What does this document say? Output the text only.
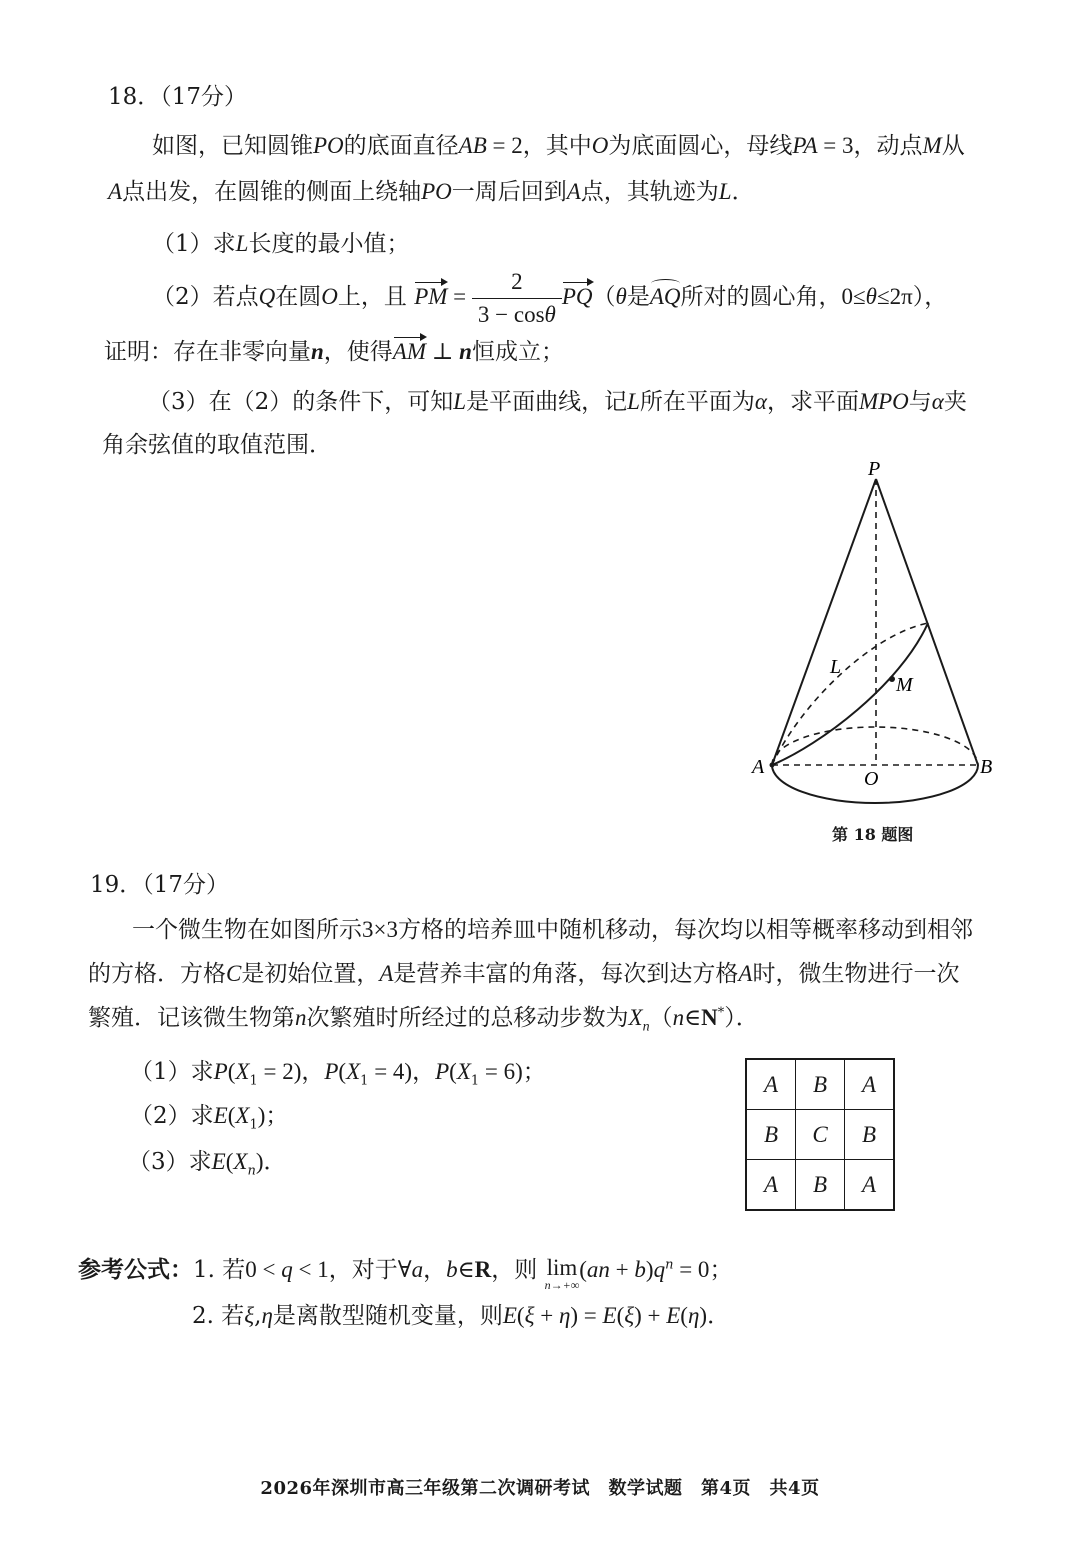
18．（17分）
如图，已知圆锥PO的底面直径AB = 2，其中O为底面圆心，母线PA = 3，动点M从
A点出发，在圆锥的侧面上绕轴PO一周后回到A点，其轨迹为L．
（1）求L长度的最小值；
（2）若点Q在圆O上，且 PM = $\frac{2}{3 - \cos\theta} PQ(\theta$是AQ所对的圆心角，0≤θ≤2π），
证明：存在非零向量n，使得AM ⊥ n恒成立；
（3）在（2）的条件下，可知L是平面曲线，记L所在平面为α，求平面MPO与α夹
角余弦值的取值范围．
P
A	B
O
M
L
第 18 题图
19．（17分）
一个微生物在如图所示3×3方格的培养皿中随机移动，每次均以相等概率移动到相邻
的方格．方格C是初始位置，A是营养丰富的角落，每次到达方格A时，微生物进行一次
繁殖．记该微生物第n次繁殖时所经过的总移动步数为$X_n(n\in N^*)$．
（1）求$P(X_1 = 2)$，$P(X_1 = 4)$，$P(X_1 = 6)$；
（2）求$E(X_1)$；
（3）求$E(X_n)$．
A	B	A
B	C	B
A	B	A
参考公式：1. 若0 < q < 1，对于∀a，b∈R，则 lim
n→+∞
$(an + b)q^n = 0$；
2. 若ξ,η是离散型随机变量，则E(ξ + η) = E(ξ) + E(η)．
2026年深圳市高三年级第二次调研考试　数学试题　第4页　共4页
